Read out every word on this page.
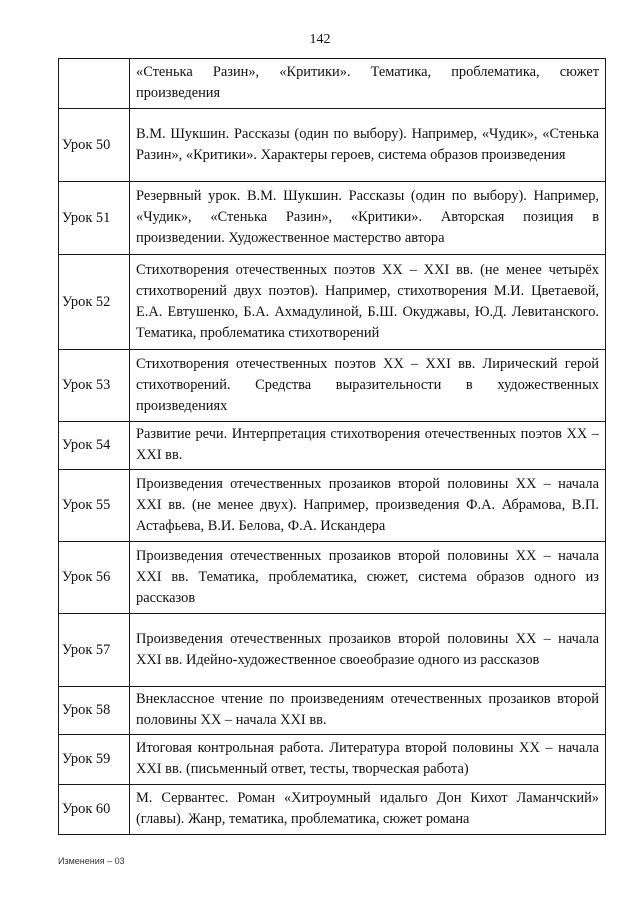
142
	«Стенька Разин», «Критики». Тематика, проблематика, сюжет произведения
Урок 50	В.М. Шукшин. Рассказы (один по выбору). Например, «Чудик», «Стенька Разин», «Критики». Характеры героев, система образов произведения
Урок 51	Резервный урок. В.М. Шукшин. Рассказы (один по выбору). Например, «Чудик», «Стенька Разин», «Критики». Авторская позиция в произведении. Художественное мастерство автора
Урок 52	Стихотворения отечественных поэтов XX – XXI вв. (не менее четырёх стихотворений двух поэтов). Например, стихотворения М.И. Цветаевой, Е.А. Евтушенко, Б.А. Ахмадулиной, Б.Ш. Окуджавы, Ю.Д. Левитанского. Тематика, проблематика стихотворений
Урок 53	Стихотворения отечественных поэтов XX – XXI вв. Лирический герой стихотворений. Средства выразительности в художественных произведениях
Урок 54	Развитие речи. Интерпретация стихотворения отечественных поэтов XX – XXI вв.
Урок 55	Произведения отечественных прозаиков второй половины XX – начала XXI вв. (не менее двух). Например, произведения Ф.А. Абрамова, В.П. Астафьева, В.И. Белова, Ф.А. Искандера
Урок 56	Произведения отечественных прозаиков второй половины XX – начала XXI вв. Тематика, проблематика, сюжет, система образов одного из рассказов
Урок 57	Произведения отечественных прозаиков второй половины XX – начала XXI вв. Идейно-художественное своеобразие одного из рассказов
Урок 58	Внеклассное чтение по произведениям отечественных прозаиков второй половины XX – начала XXI вв.
Урок 59	Итоговая контрольная работа. Литература второй половины XX – начала XXI вв. (письменный ответ, тесты, творческая работа)
Урок 60	М. Сервантес. Роман «Хитроумный идальго Дон Кихот Ламанчский» (главы). Жанр, тематика, проблематика, сюжет романа
Изменения – 03
